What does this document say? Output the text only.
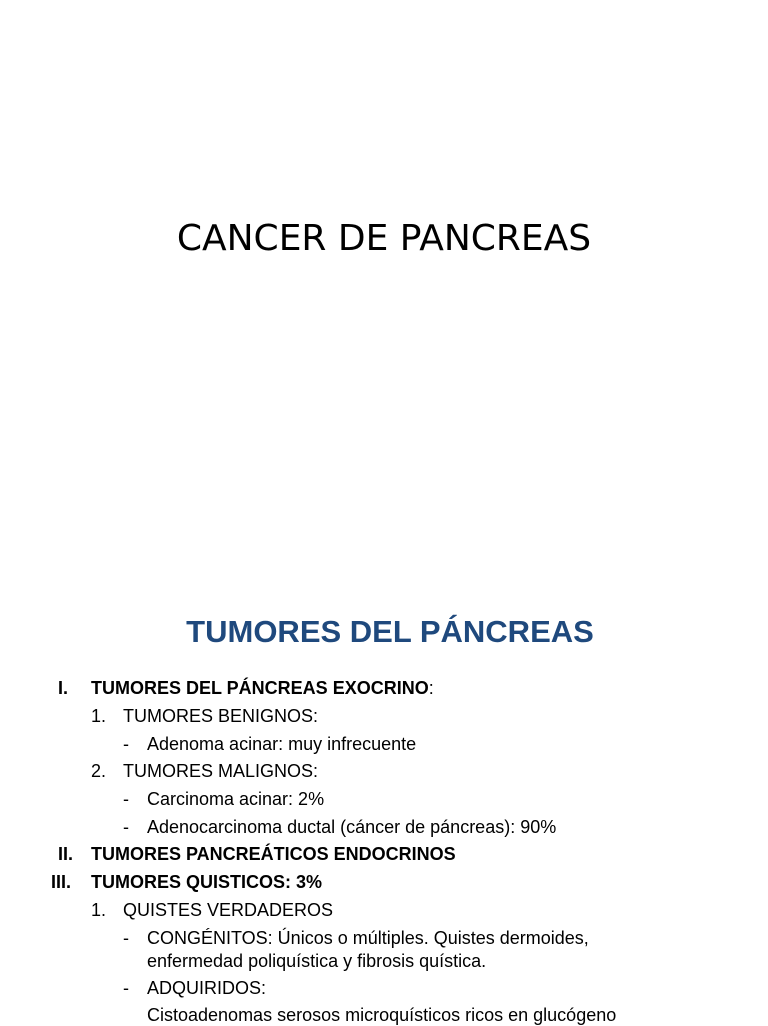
CANCER DE PANCREAS
TUMORES DEL PÁNCREAS
I. TUMORES DEL PÁNCREAS EXOCRINO:
1. TUMORES BENIGNOS:
- Adenoma acinar: muy infrecuente
2. TUMORES MALIGNOS:
- Carcinoma acinar: 2%
- Adenocarcinoma ductal (cáncer de páncreas): 90%
II. TUMORES PANCREÁTICOS ENDOCRINOS
III. TUMORES QUISTICOS: 3%
1. QUISTES VERDADEROS
- CONGÉNITOS: Únicos o múltiples. Quistes dermoides,
enfermedad poliquística y fibrosis quística.
- ADQUIRIDOS:
Cistoadenomas serosos microquísticos ricos en glucógeno
